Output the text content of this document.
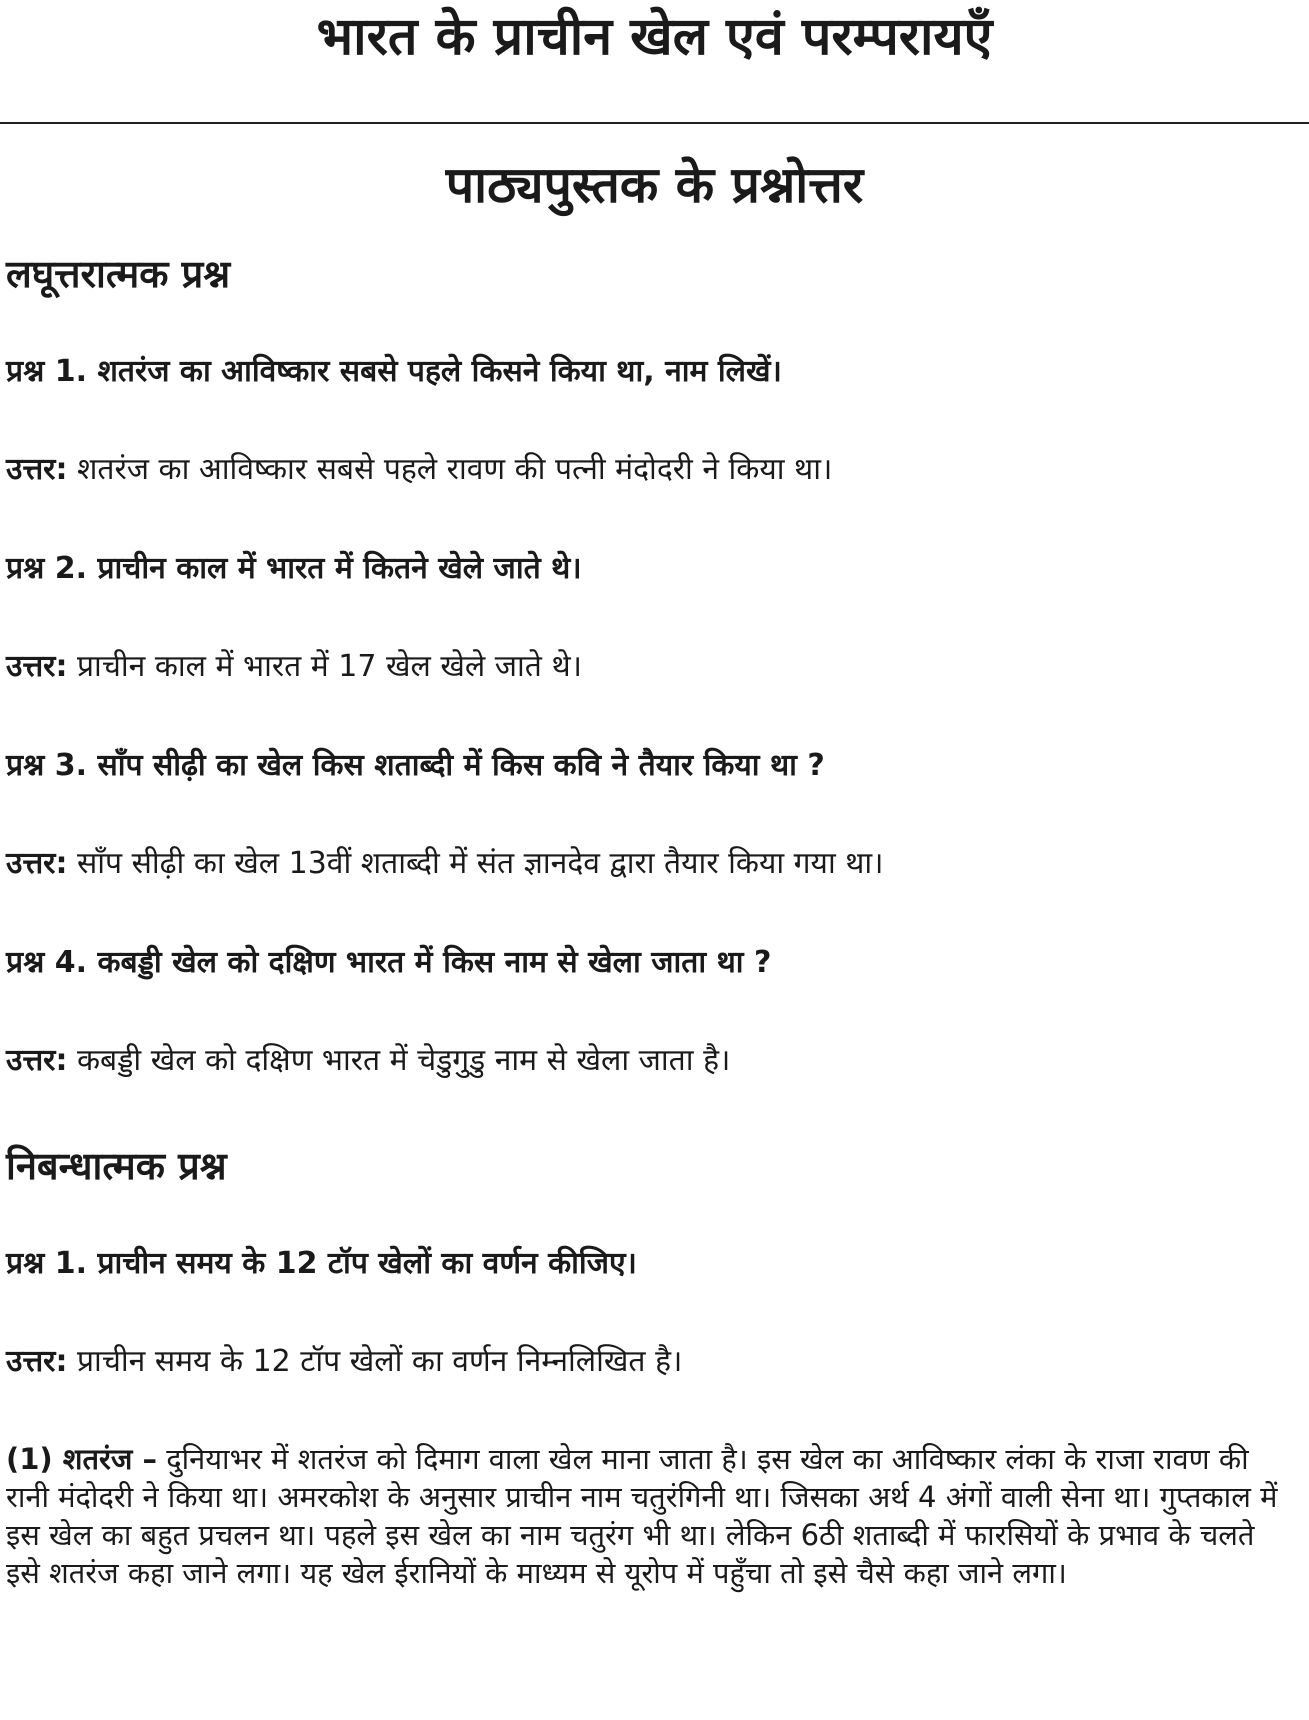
भारत के प्राचीन खेल एवं परम्परायएँ
पाठ्यपुस्तक के प्रश्नोत्तर
लघूत्तरात्मक प्रश्न

प्रश्न 1. शतरंज का आविष्कार सबसे पहले किसने किया था, नाम लिखें।

उत्तर: शतरंज का आविष्कार सबसे पहले रावण की पत्नी मंदोदरी ने किया था।

प्रश्न 2. प्राचीन काल में भारत में कितने खेले जाते थे।

उत्तर: प्राचीन काल में भारत में 17 खेल खेले जाते थे।

प्रश्न 3. साँप सीढ़ी का खेल किस शताब्दी में किस कवि ने तैयार किया था ?

उत्तर: साँप सीढ़ी का खेल 13वीं शताब्दी में संत ज्ञानदेव द्वारा तैयार किया गया था।

प्रश्न 4. कबड्डी खेल को दक्षिण भारत में किस नाम से खेला जाता था ?

उत्तर: कबड्डी खेल को दक्षिण भारत में चेडुगुडु नाम से खेला जाता है।

निबन्धात्मक प्रश्न

प्रश्न 1. प्राचीन समय के 12 टॉप खेलों का वर्णन कीजिए।

उत्तर: प्राचीन समय के 12 टॉप खेलों का वर्णन निम्नलिखित है।

(1) शतरंज – दुनियाभर में शतरंज को दिमाग वाला खेल माना जाता है। इस खेल का आविष्कार लंका के राजा रावण की रानी मंदोदरी ने किया था। अमरकोश के अनुसार प्राचीन नाम चतुरंगिनी था। जिसका अर्थ 4 अंगों वाली सेना था। गुप्तकाल में इस खेल का बहुत प्रचलन था। पहले इस खेल का नाम चतुरंग भी था। लेकिन 6ठी शताब्दी में फारसियों के प्रभाव के चलते इसे शतरंज कहा जाने लगा। यह खेल ईरानियों के माध्यम से यूरोप में पहुँचा तो इसे चैसे कहा जाने लगा।
